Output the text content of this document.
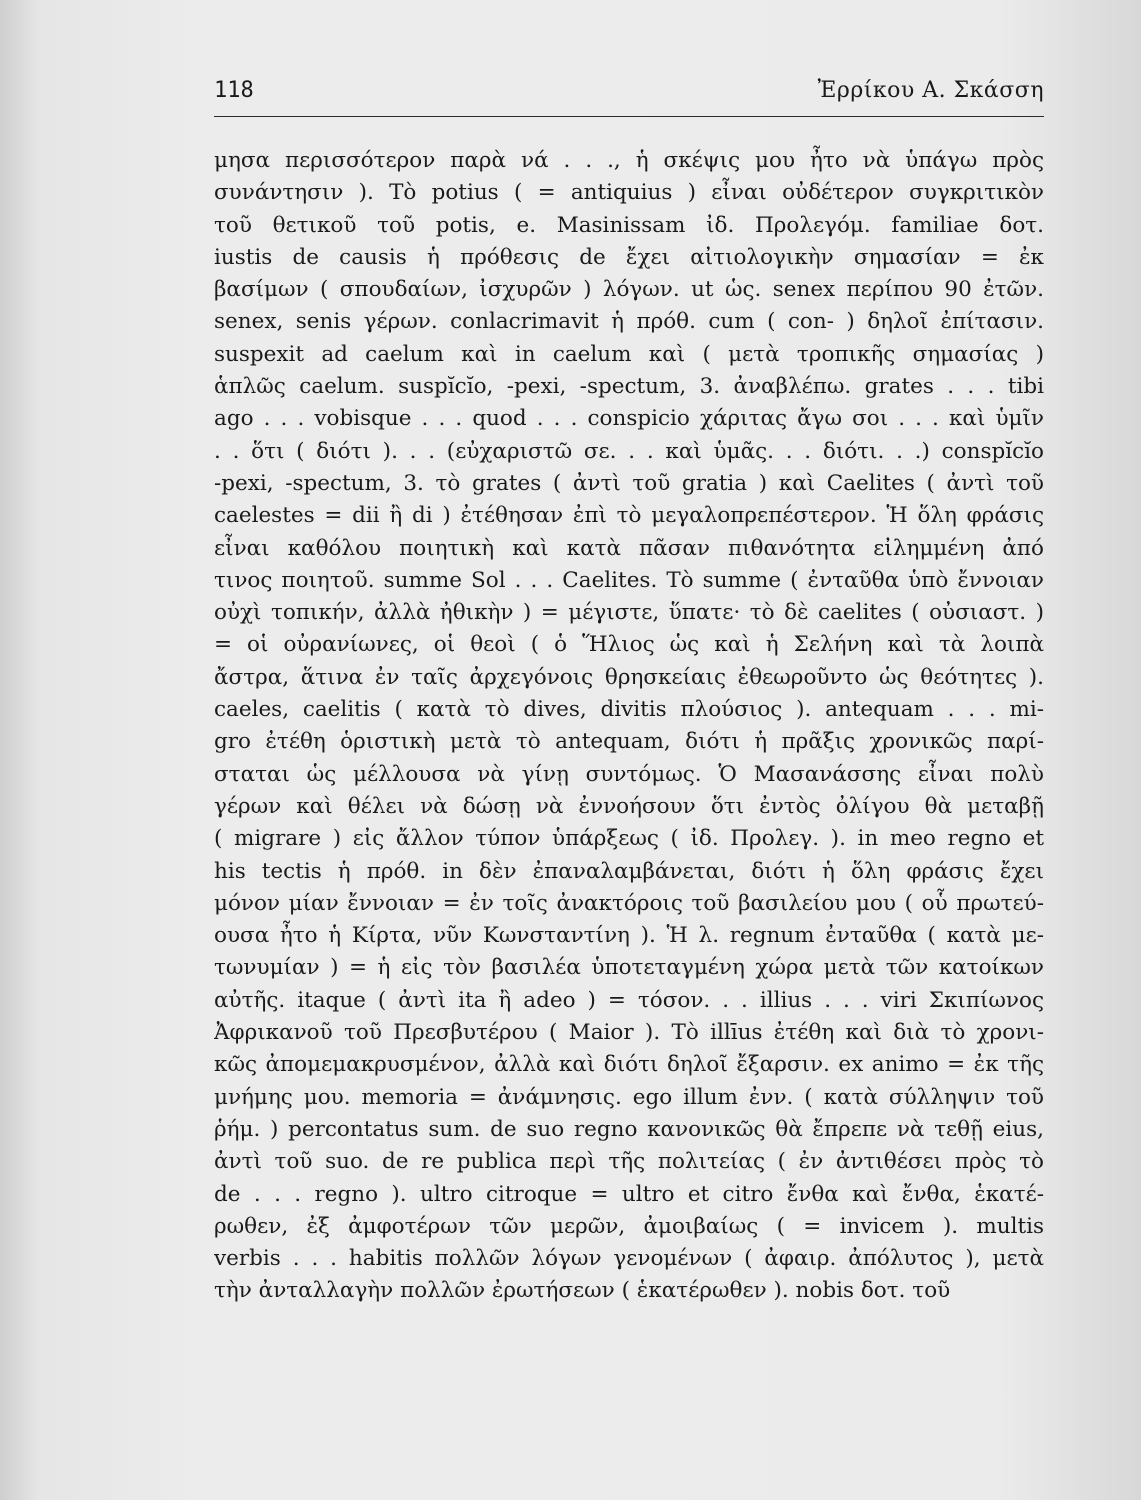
118	Ἐρρίκου Α. Σκάσση
μησα περισσότερον παρὰ νά . . ., ἡ σκέψις μου ἦτο νὰ ὑπάγω πρὸς
συνάντησιν ). Τὸ potius ( = antiquius ) εἶναι οὐδέτερον συγκριτικὸν
τοῦ θετικοῦ τοῦ potis, e. Masinissam ἰδ. Προλεγόμ. familiae δοτ.
iustis de causis ἡ πρόθεσις de ἔχει αἰτιολογικὴν σημασίαν = ἐκ
βασίμων ( σπουδαίων, ἰσχυρῶν ) λόγων. ut ὡς. senex περίπου 90 ἐτῶν.
senex, senis γέρων. conlacrimavit ἡ πρόθ. cum ( con- ) δηλοῖ ἐπίτασιν.
suspexit ad caelum καὶ in caelum καὶ ( μετὰ τροπικῆς σημασίας )
ἁπλῶς caelum. suspĭcĭo, -pexi, -spectum, 3. ἀναβλέπω. grates . . . tibi
ago . . . vobisque . . . quod . . . conspicio χάριτας ἄγω σοι . . . καὶ ὑμῖν
. . ὅτι ( διότι ). . . (εὐχαριστῶ σε. . . καὶ ὑμᾶς. . . διότι. . .) conspĭcĭo
-pexi, -spectum, 3. τὸ grates ( ἀντὶ τοῦ gratia ) καὶ Caelites ( ἀντὶ τοῦ
caelestes = dii ἢ di ) ἐτέθησαν ἐπὶ τὸ μεγαλοπρεπέστερον. Ἡ ὅλη φράσις
εἶναι καθόλου ποιητικὴ καὶ κατὰ πᾶσαν πιθανότητα εἰλημμένη ἀπό
τινος ποιητοῦ. summe Sol . . . Caelites. Τὸ summe ( ἐνταῦθα ὑπὸ ἔννοιαν
οὐχὶ τοπικήν, ἀλλὰ ἠθικὴν ) = μέγιστε, ὕπατε· τὸ δὲ caelites ( οὐσιαστ. )
= οἱ οὐρανίωνες, οἱ θεοὶ ( ὁ Ἥλιος ὡς καὶ ἡ Σελήνη καὶ τὰ λοιπὰ
ἄστρα, ἅτινα ἐν ταῖς ἀρχεγόνοις θρησκείαις ἐθεωροῦντο ὡς θεότητες ).
caeles, caelitis ( κατὰ τὸ dives, divitis πλούσιος ). antequam . . . mi-
gro ἐτέθη ὁριστικὴ μετὰ τὸ antequam, διότι ἡ πρᾶξις χρονικῶς παρί-
σταται ὡς μέλλουσα νὰ γίνῃ συντόμως. Ὁ Μασανάσσης εἶναι πολὺ
γέρων καὶ θέλει νὰ δώσῃ νὰ ἐννοήσουν ὅτι ἐντὸς ὀλίγου θὰ μεταβῇ
( migrare ) εἰς ἄλλον τύπον ὑπάρξεως ( ἰδ. Προλεγ. ). in meo regno et
his tectis ἡ πρόθ. in δὲν ἐπαναλαμβάνεται, διότι ἡ ὅλη φράσις ἔχει
μόνον μίαν ἔννοιαν = ἐν τοῖς ἀνακτόροις τοῦ βασιλείου μου ( οὗ πρωτεύ-
ουσα ἦτο ἡ Κίρτα, νῦν Κωνσταντίνη ). Ἡ λ. regnum ἐνταῦθα ( κατὰ με-
τωνυμίαν ) = ἡ εἰς τὸν βασιλέα ὑποτεταγμένη χώρα μετὰ τῶν κατοίκων
αὐτῆς. itaque ( ἀντὶ ita ἢ adeo ) = τόσον. . . illius . . . viri Σκιπίωνος
Ἀφρικανοῦ τοῦ Πρεσβυτέρου ( Maior ). Τὸ illīus ἐτέθη καὶ διὰ τὸ χρονι-
κῶς ἀπομεμακρυσμένον, ἀλλὰ καὶ διότι δηλοῖ ἔξαρσιν. ex animo = ἐκ τῆς
μνήμης μου. memoria = ἀνάμνησις. ego illum ἐνν. ( κατὰ σύλληψιν τοῦ
ῥήμ. ) percontatus sum. de suo regno κανονικῶς θὰ ἔπρεπε νὰ τεθῇ eius,
ἀντὶ τοῦ suo. de re publica περὶ τῆς πολιτείας ( ἐν ἀντιθέσει πρὸς τὸ
de . . . regno ). ultro citroque = ultro et citro ἔνθα καὶ ἔνθα, ἑκατέ-
ρωθεν, ἐξ ἀμφοτέρων τῶν μερῶν, ἀμοιβαίως ( = invicem ). multis
verbis . . . habitis πολλῶν λόγων γενομένων ( ἀφαιρ. ἀπόλυτος ), μετὰ
τὴν ἀνταλλαγὴν πολλῶν ἐρωτήσεων ( ἑκατέρωθεν ). nobis δοτ. τοῦ
